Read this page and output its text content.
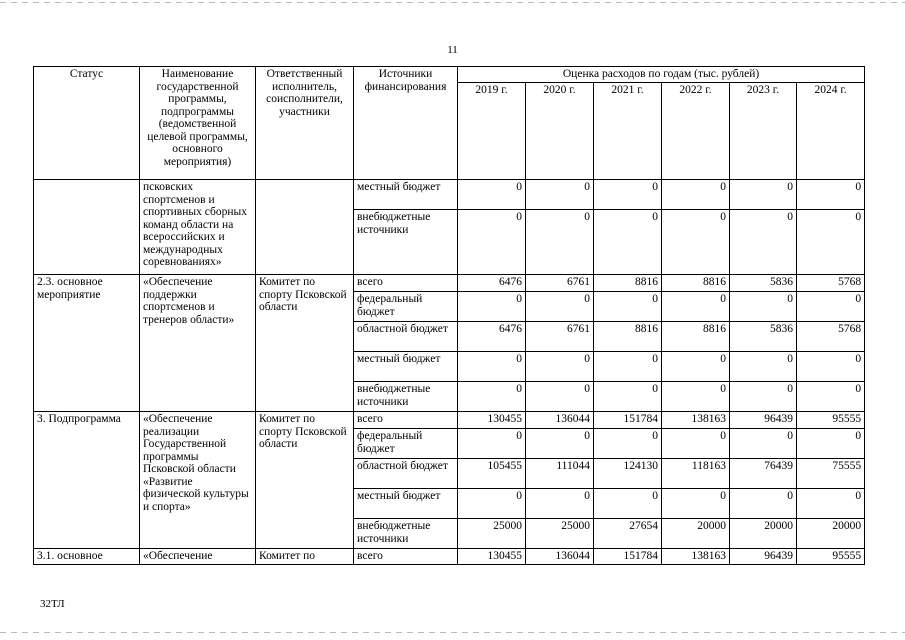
11
Статус	Наименование государственной программы, подпрограммы (ведомственной целевой программы, основного мероприятия)	Ответственный исполнитель, соисполнители, участники	Источники финансирования	Оценка расходов по годам (тыс. рублей)					
				2019 г.	2020 г.	2021 г.	2022 г.	2023 г.	2024 г.
	псковских спортсменов и спортивных сборных команд области на всероссийских и международных соревнованиях»		местный бюджет	0	0	0	0	0	0
			внебюджетные источники	0	0	0	0	0	0
2.3. основное мероприятие	«Обеспечение поддержки спортсменов и тренеров области»	Комитет по спорту Псковской области	всего	6476	6761	8816	8816	5836	5768
			федеральный бюджет	0	0	0	0	0	0
			областной бюджет	6476	6761	8816	8816	5836	5768
			местный бюджет	0	0	0	0	0	0
			внебюджетные источники	0	0	0	0	0	0
3. Подпрограмма	«Обеспечение реализации Государственной программы Псковской области «Развитие физической культуры и спорта»	Комитет по спорту Псковской области	всего	130455	136044	151784	138163	96439	95555
			федеральный бюджет	0	0	0	0	0	0
			областной бюджет	105455	111044	124130	118163	76439	75555
			местный бюджет	0	0	0	0	0	0
			внебюджетные источники	25000	25000	27654	20000	20000	20000
3.1. основное	«Обеспечение	Комитет по	всего	130455	136044	151784	138163	96439	95555
32ТЛ
